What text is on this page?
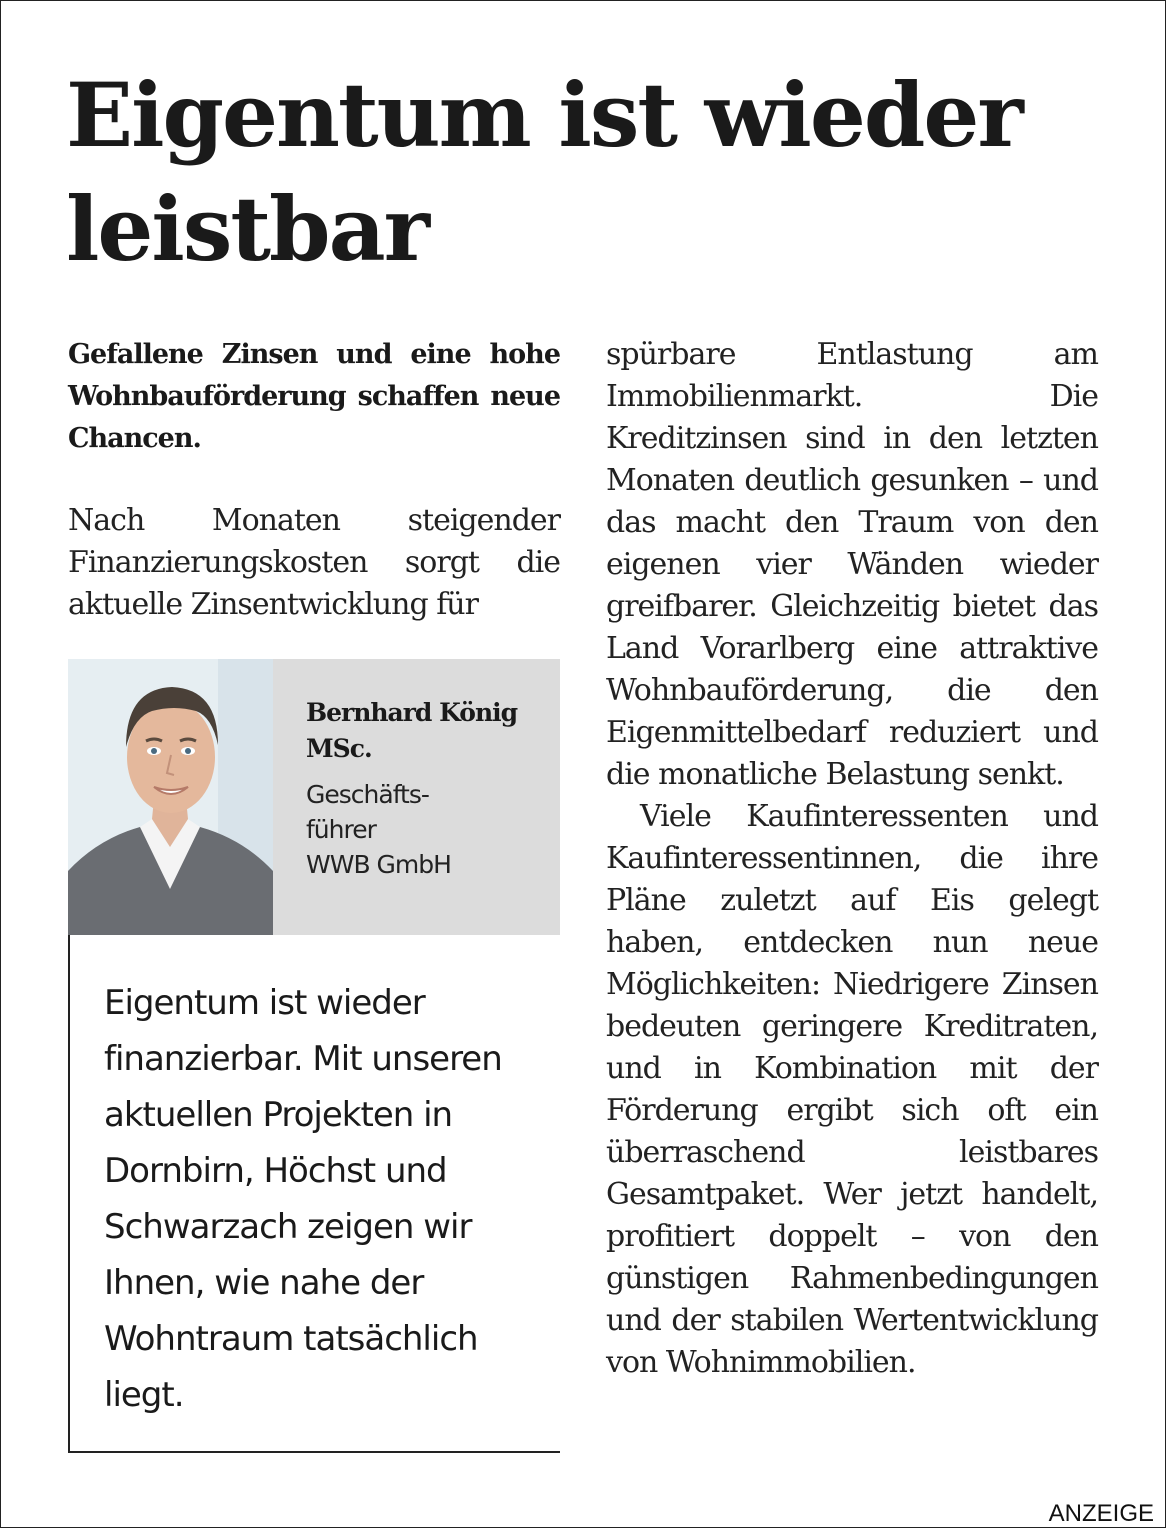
Eigentum ist wieder leistbar

Gefallene Zinsen und eine hohe Wohnbauförderung schaffen neue Chancen.

Nach Monaten steigender Finanzierungskosten sorgt die aktuelle Zinsentwicklung für

Bernhard König MSc.

Geschäfts-
führer
WWB GmbH

Eigentum ist wieder finanzierbar. Mit unseren aktuellen Projekten in Dornbirn, Höchst und Schwarzach zeigen wir Ihnen, wie nahe der Wohntraum tatsächlich liegt.

spürbare Entlastung am Immobilienmarkt. Die Kreditzinsen sind in den letzten Monaten deutlich gesunken – und das macht den Traum von den eigenen vier Wänden wieder greifbarer. Gleichzeitig bietet das Land Vorarlberg eine attraktive Wohnbauförderung, die den Eigenmittelbedarf reduziert und die monatliche Belastung senkt.

Viele Kaufinteressenten und Kaufinteressentinnen, die ihre Pläne zuletzt auf Eis gelegt haben, entdecken nun neue Möglichkeiten: Niedrigere Zinsen bedeuten geringere Kreditraten, und in Kombination mit der Förderung ergibt sich oft ein überraschend leistbares Gesamtpaket. Wer jetzt handelt, profitiert doppelt – von den günstigen Rahmenbedingungen und der stabilen Wertentwicklung von Wohnimmobilien.

ANZEIGE
